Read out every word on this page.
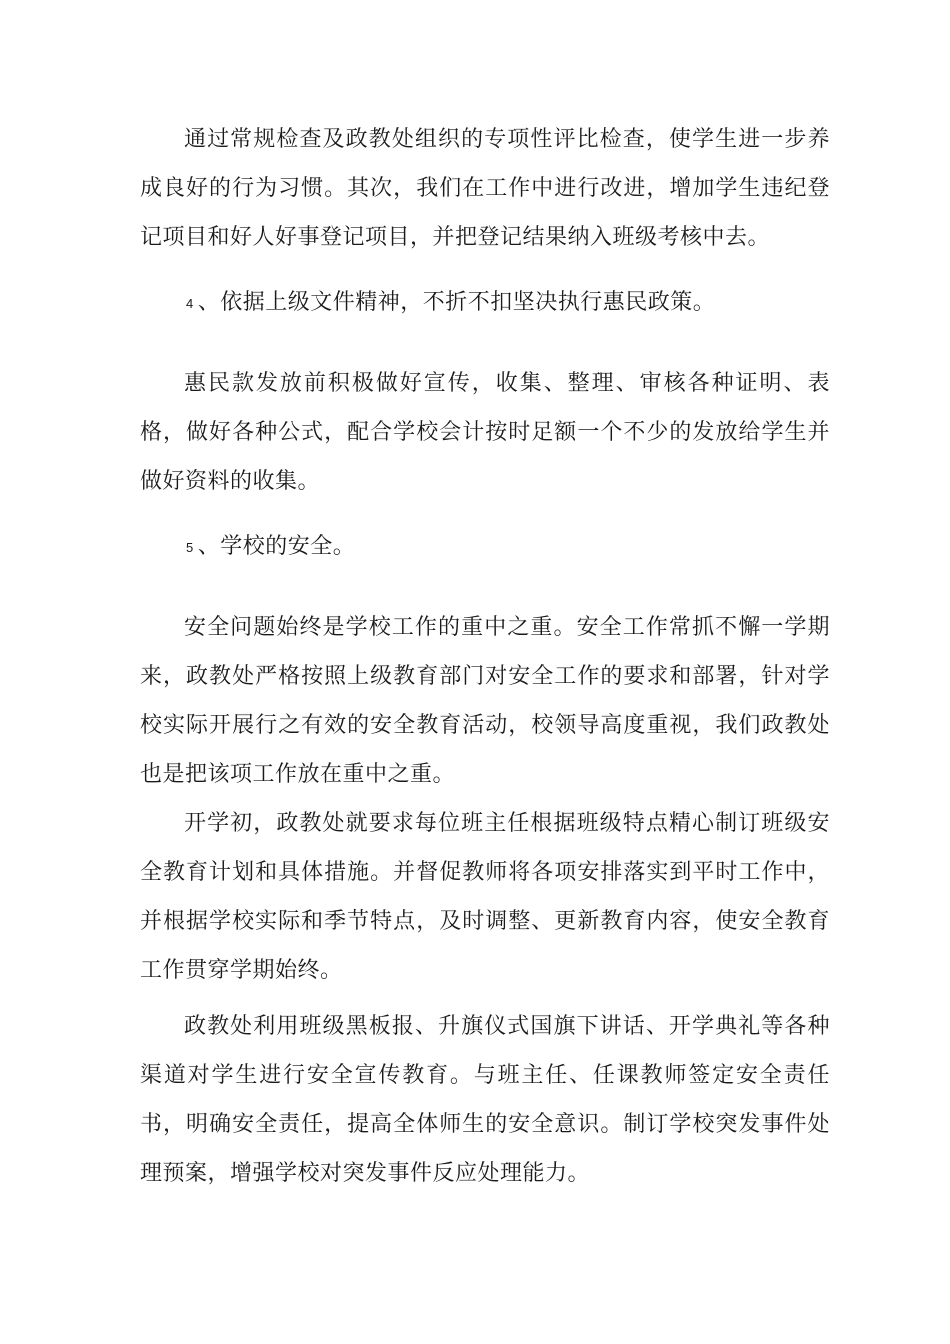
通过常规检查及政教处组织的专项性评比检查，使学生进一步养成良好的行为习惯。其次，我们在工作中进行改进，增加学生违纪登记项目和好人好事登记项目，并把登记结果纳入班级考核中去。

4 、依据上级文件精神，不折不扣坚决执行惠民政策。

惠民款发放前积极做好宣传，收集、整理、审核各种证明、表格，做好各种公式，配合学校会计按时足额一个不少的发放给学生并做好资料的收集。

5 、学校的安全。

安全问题始终是学校工作的重中之重。安全工作常抓不懈一学期来，政教处严格按照上级教育部门对安全工作的要求和部署，针对学校实际开展行之有效的安全教育活动，校领导高度重视，我们政教处也是把该项工作放在重中之重。

开学初，政教处就要求每位班主任根据班级特点精心制订班级安全教育计划和具体措施。并督促教师将各项安排落实到平时工作中，并根据学校实际和季节特点，及时调整、更新教育内容，使安全教育工作贯穿学期始终。

政教处利用班级黑板报、升旗仪式国旗下讲话、开学典礼等各种渠道对学生进行安全宣传教育。与班主任、任课教师签定安全责任书，明确安全责任，提高全体师生的安全意识。制订学校突发事件处理预案，增强学校对突发事件反应处理能力。
